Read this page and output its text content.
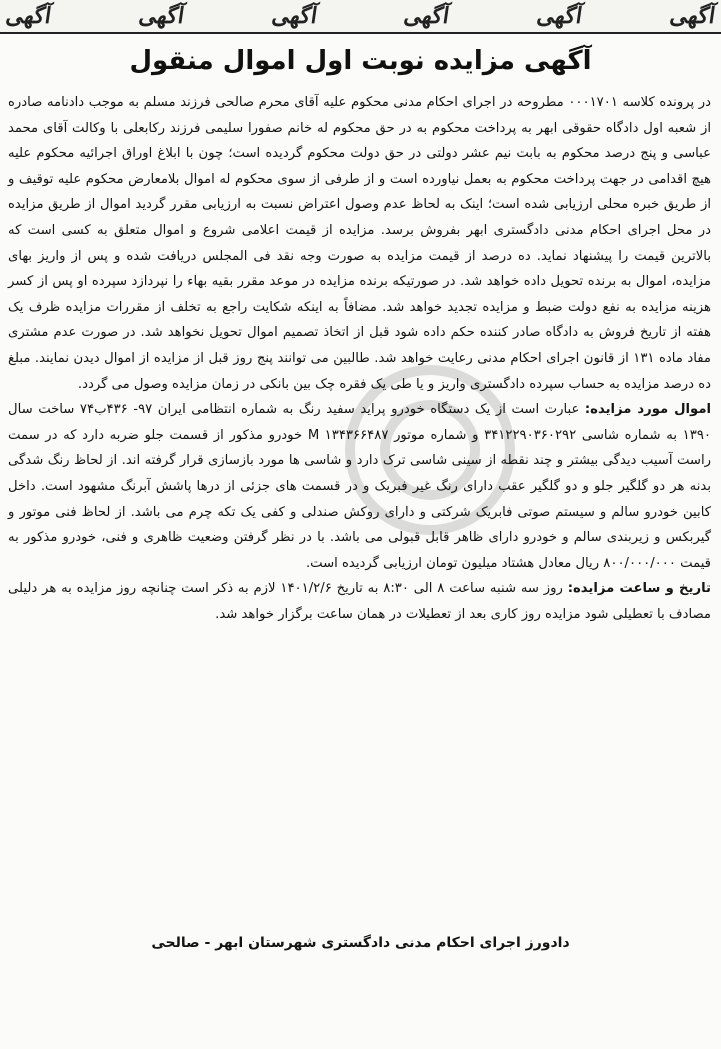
آگهی
آگهی
آگهی
آگهی
آگهی
آگهی
آگهی مزایده نوبت اول اموال منقول

در پرونده کلاسه ۰۰۰۱۷۰۱ مطروحه در اجرای احکام مدنی محکوم علیه آقای محرم صالحی فرزند مسلم به موجب دادنامه صادره از شعبه اول دادگاه حقوقی ابهر به پرداخت محکوم به در حق محکوم له خانم صفورا سلیمی فرزند رکابعلی با وکالت آقای محمد عباسی و پنج درصد محکوم به بابت نیم عشر دولتی در حق دولت محکوم گردیده است؛ چون با ابلاغ اوراق اجرائیه محکوم علیه هیچ اقدامی در جهت پرداخت محکوم به بعمل نیاورده است و از طرفی از سوی محکوم له اموال بلامعارض محکوم علیه توقیف و از طریق خبره محلی ارزیابی شده است؛ اینک به لحاظ عدم وصول اعتراض نسبت به ارزیابی مقرر گردید اموال از طریق مزایده در محل اجرای احکام مدنی دادگستری ابهر بفروش برسد. مزایده از قیمت اعلامی شروع و اموال متعلق به کسی است که بالاترین قیمت را پیشنهاد نماید. ده درصد از قیمت مزایده به صورت وجه نقد فی المجلس دریافت شده و پس از واریز بهای مزایده، اموال به برنده تحویل داده خواهد شد. در صورتیکه برنده مزایده در موعد مقرر بقیه بهاء را نپردازد سپرده او پس از کسر هزینه مزایده به نفع دولت ضبط و مزایده تجدید خواهد شد. مضافاً به اینکه شکایت راجع به تخلف از مقررات مزایده ظرف یک هفته از تاریخ فروش به دادگاه صادر کننده حکم داده شود قبل از اتخاذ تصمیم اموال تحویل نخواهد شد. در صورت عدم مشتری مفاد ماده ۱۳۱ از قانون اجرای احکام مدنی رعایت خواهد شد. طالبین می توانند پنج روز قبل از مزایده از اموال دیدن نمایند. مبلغ ده درصد مزایده به حساب سپرده دادگستری واریز و یا طی یک فقره چک بین بانکی در زمان مزایده وصول می گردد.

اموال مورد مزایده: عبارت است از یک دستگاه خودرو پراید سفید رنگ به شماره انتظامی ایران ۹۷- ۴۳۶ب۷۴ ساخت سال ۱۳۹۰ به شماره شاسی ۳۴۱۲۲۹۰۳۶۰۲۹۲ و شماره موتور M ۱۳۴۳۶۶۴۸۷ خودرو مذکور از قسمت جلو ضربه دارد که در سمت راست آسیب دیدگی بیشتر و چند نقطه از سینی شاسی ترک دارد و شاسی ها مورد بازسازی قرار گرفته اند. از لحاظ رنگ شدگی بدنه هر دو گلگیر جلو و دو گلگیر عقب دارای رنگ غیر فبریک و در قسمت های جزئی از درها پاشش آبرنگ مشهود است. داخل کابین خودرو سالم و سیستم صوتی فابریک شرکتی و دارای روکش صندلی و کفی یک تکه چرم می باشد. از لحاظ فنی موتور و گیربکس و زیربندی سالم و خودرو دارای ظاهر قابل قبولی می باشد. با در نظر گرفتن وضعیت ظاهری و فنی، خودرو مذکور به قیمت ۸۰۰/۰۰۰/۰۰۰ ریال معادل هشتاد میلیون تومان ارزیابی گردیده است.

تاریخ و ساعت مزایده: روز سه شنبه ساعت ۸ الی ۸:۳۰ به تاریخ ۱۴۰۱/۲/۶ لازم به ذکر است چنانچه روز مزایده به هر دلیلی مصادف با تعطیلی شود مزایده روز کاری بعد از تعطیلات در همان ساعت برگزار خواهد شد.

دادورز اجرای احکام مدنی دادگستری شهرستان ابهر - صالحی
